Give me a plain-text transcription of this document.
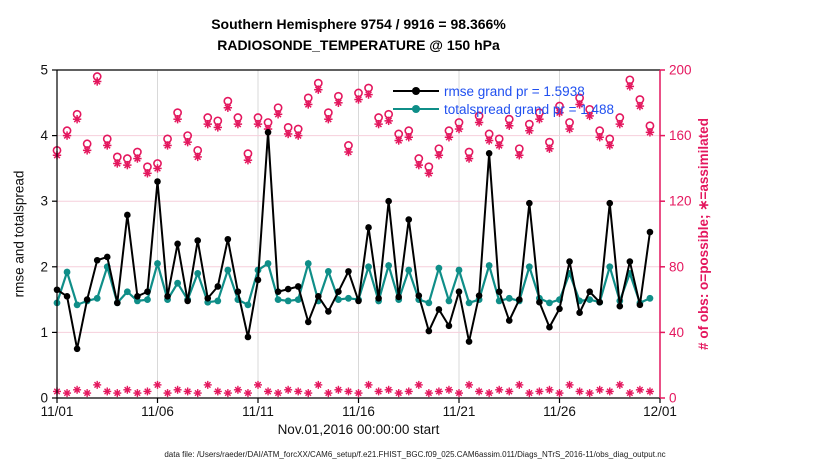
11/01	11/06	11/11	11/16	11/21	11/26	12/01
0
1
2
3
4
5
0
40
80
120
160
200
Southern Hemisphere 9754 / 9916 = 98.366%
RADIOSONDE_TEMPERATURE @ 150 hPa
rmse and totalspread	# of obs: o=possible; ∗=assimilated
Nov.01,2016 00:00:00 start
data file: /Users/raeder/DAI/ATM_forcXX/CAM6_setup/f.e21.FHIST_BGC.f09_025.CAM6assim.011/Diags_NTrS_2016-11/obs_diag_output.nc
rmse grand pr = 1.5938
totalspread grand pr = 1.488
